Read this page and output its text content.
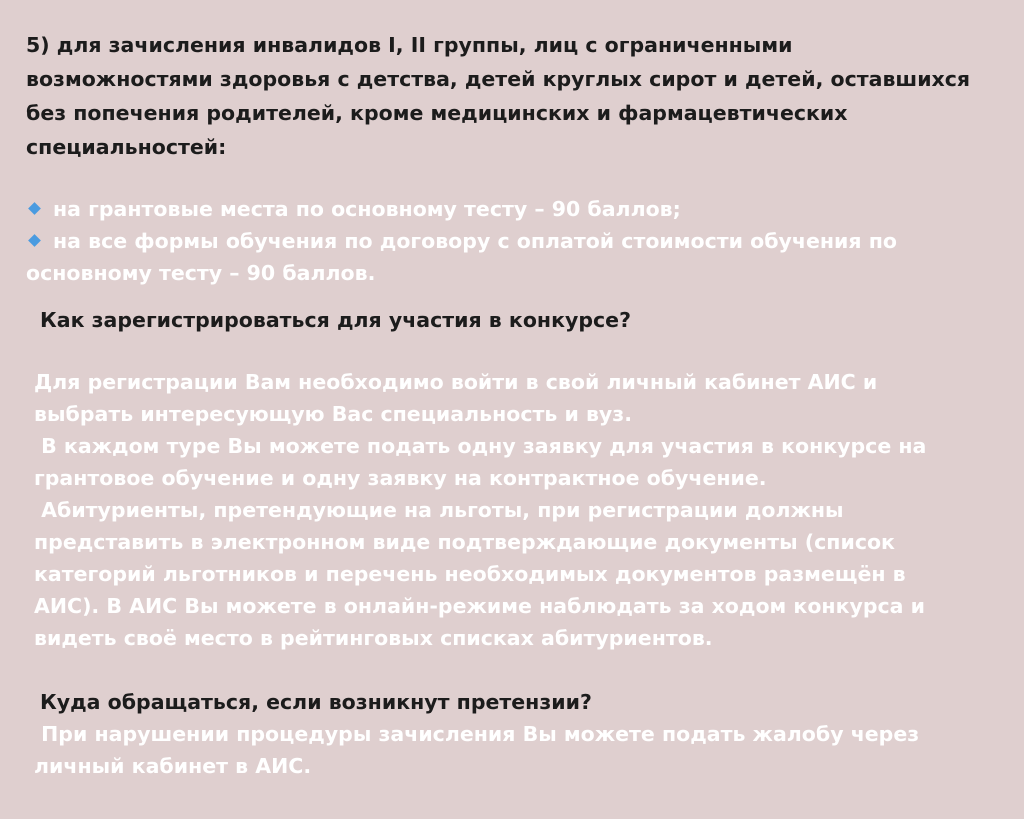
5) для зачисления инвалидов I, II группы, лиц с ограниченными

возможностями здоровья с детства, детей круглых сирот и детей, оставшихся

без попечения родителей, кроме медицинских и фармацевтических

специальностей:

на грантовые места по основному тесту – 90 баллов;

на все формы обучения по договору с оплатой стоимости обучения по

основному тесту – 90 баллов.

Как зарегистрироваться для участия в конкурсе?

Для регистрации Вам необходимо войти в свой личный кабинет АИС и

выбрать интересующую Вас специальность и вуз.

В каждом туре Вы можете подать одну заявку для участия в конкурсе на

грантовое обучение и одну заявку на контрактное обучение.

Абитуриенты, претендующие на льготы, при регистрации должны

представить в электронном виде подтверждающие документы (список

категорий льготников и перечень необходимых документов размещён в

АИС). В АИС Вы можете в онлайн-режиме наблюдать за ходом конкурса и

видеть своё место в рейтинговых списках абитуриентов.

Куда обращаться, если возникнут претензии?

При нарушении процедуры зачисления Вы можете подать жалобу через

личный кабинет в АИС.
